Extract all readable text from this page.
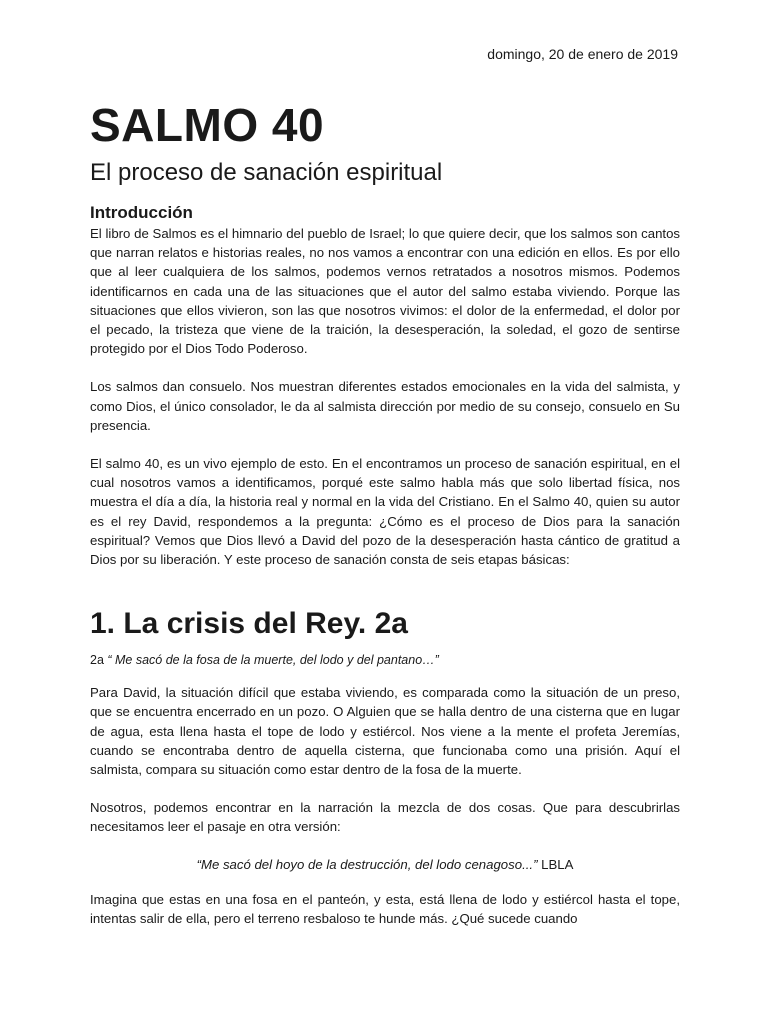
domingo, 20 de enero de 2019
SALMO 40
El proceso de sanación espiritual
Introducción

El libro de Salmos es el himnario del pueblo de Israel; lo que quiere decir, que los salmos son cantos que narran relatos e historias reales, no nos vamos a encontrar con una edición en ellos. Es por ello que al leer cualquiera de los salmos, podemos vernos retratados a nosotros mismos. Podemos identificarnos en cada una de las situaciones que el autor del salmo estaba viviendo. Porque las situaciones que ellos vivieron, son las que nosotros vivimos: el dolor de la enfermedad, el dolor por el pecado, la tristeza que viene de la traición, la desesperación, la soledad, el gozo de sentirse protegido por el Dios Todo Poderoso.

Los salmos dan consuelo. Nos muestran diferentes estados emocionales en la vida del salmista, y como Dios, el único consolador, le da al salmista dirección por medio de su consejo, consuelo en Su presencia.

El salmo 40, es un vivo ejemplo de esto. En el encontramos un proceso de sanación espiritual, en el cual nosotros vamos a identificamos, porqué este salmo habla más que solo libertad física, nos muestra el día a día, la historia real y normal en la vida del Cristiano. En el Salmo 40, quien su autor es el rey David, respondemos a la pregunta: ¿Cómo es el proceso de Dios para la sanación espiritual? Vemos que Dios llevó a David del pozo de la desesperación hasta cántico de gratitud a Dios por su liberación. Y este proceso de sanación consta de seis etapas básicas:

1. La crisis del Rey. 2a

2a “ Me sacó de la fosa de la muerte, del lodo y del pantano…”

Para David, la situación difícil que estaba viviendo, es comparada como la situación de un preso, que se encuentra encerrado en un pozo. O Alguien que se halla dentro de una cisterna que en lugar de agua, esta llena hasta el tope de lodo y estiércol. Nos viene a la mente el profeta Jeremías, cuando se encontraba dentro de aquella cisterna, que funcionaba como una prisión. Aquí el salmista, compara su situación como estar dentro de la fosa de la muerte.

Nosotros, podemos encontrar en la narración la mezcla de dos cosas. Que para descubrirlas necesitamos leer el pasaje en otra versión:

“Me sacó del hoyo de la destrucción, del lodo cenagoso...” LBLA

Imagina que estas en una fosa en el panteón, y esta, está llena de lodo y estiércol hasta el tope, intentas salir de ella, pero el terreno resbaloso te hunde más. ¿Qué sucede cuando
